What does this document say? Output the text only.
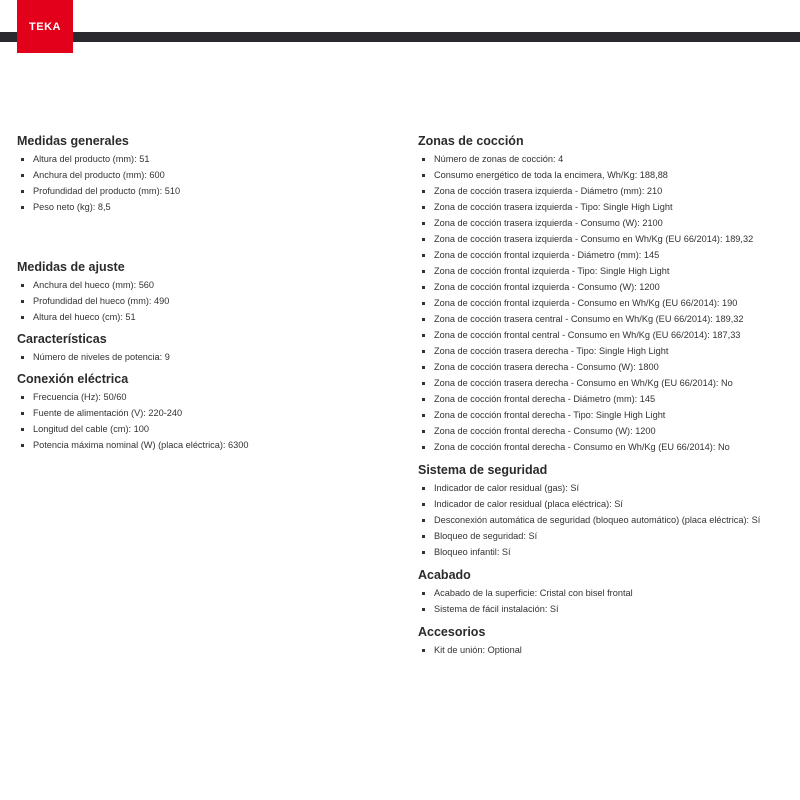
TEKA
Medidas generales
Altura del producto (mm): 51
Anchura del producto (mm): 600
Profundidad del producto (mm): 510
Peso neto (kg): 8,5
Medidas de ajuste
Anchura del hueco (mm): 560
Profundidad del hueco (mm): 490
Altura del hueco (cm): 51
Características
Número de niveles de potencia: 9
Conexión eléctrica
Frecuencia (Hz): 50/60
Fuente de alimentación (V): 220-240
Longitud del cable (cm): 100
Potencia máxima nominal (W) (placa eléctrica): 6300
Zonas de cocción
Número de zonas de cocción: 4
Consumo energético de toda la encimera, Wh/Kg: 188,88
Zona de cocción trasera izquierda - Diámetro (mm): 210
Zona de cocción trasera izquierda - Tipo: Single High Light
Zona de cocción trasera izquierda - Consumo (W): 2100
Zona de cocción trasera izquierda - Consumo en Wh/Kg (EU 66/2014): 189,32
Zona de cocción frontal izquierda - Diámetro (mm): 145
Zona de cocción frontal izquierda - Tipo: Single High Light
Zona de cocción frontal izquierda - Consumo (W): 1200
Zona de cocción frontal izquierda - Consumo en Wh/Kg (EU 66/2014): 190
Zona de cocción trasera central - Consumo en Wh/Kg (EU 66/2014): 189,32
Zona de cocción frontal central - Consumo en Wh/Kg (EU 66/2014): 187,33
Zona de cocción trasera derecha - Tipo: Single High Light
Zona de cocción trasera derecha - Consumo (W): 1800
Zona de cocción trasera derecha - Consumo en Wh/Kg (EU 66/2014): No
Zona de cocción frontal derecha - Diámetro (mm): 145
Zona de cocción frontal derecha - Tipo: Single High Light
Zona de cocción frontal derecha - Consumo (W): 1200
Zona de cocción frontal derecha - Consumo en Wh/Kg (EU 66/2014): No
Sistema de seguridad
Indicador de calor residual (gas): Sí
Indicador de calor residual (placa eléctrica): Sí
Desconexión automática de seguridad (bloqueo automático) (placa eléctrica): Sí
Bloqueo de seguridad: Sí
Bloqueo infantil: Sí
Acabado
Acabado de la superficie: Cristal con bisel frontal
Sistema de fácil instalación: Sí
Accesorios
Kit de unión: Optional
